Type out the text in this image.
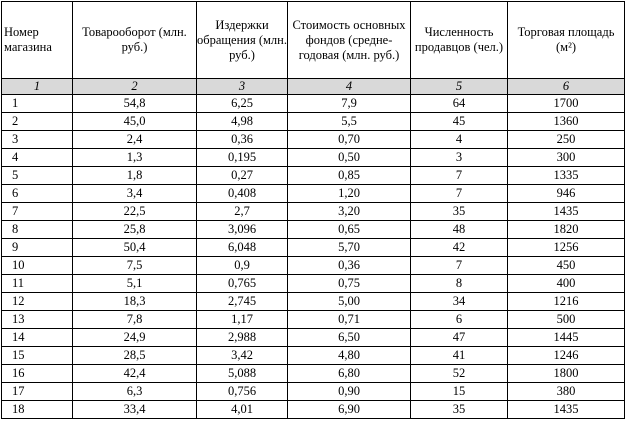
Номер магазина	Товарооборот (млн. руб.)	Издержки обращения (млн. руб.)	Стоимость основных фондов (средне-годовая (млн. руб.)	Численность продавцов (чел.)	Торговая площадь (м²)
1	2	3	4	5	6
1	54,8	6,25	7,9	64	1700
2	45,0	4,98	5,5	45	1360
3	2,4	0,36	0,70	4	250
4	1,3	0,195	0,50	3	300
5	1,8	0,27	0,85	7	1335
6	3,4	0,408	1,20	7	946
7	22,5	2,7	3,20	35	1435
8	25,8	3,096	0,65	48	1820
9	50,4	6,048	5,70	42	1256
10	7,5	0,9	0,36	7	450
11	5,1	0,765	0,75	8	400
12	18,3	2,745	5,00	34	1216
13	7,8	1,17	0,71	6	500
14	24,9	2,988	6,50	47	1445
15	28,5	3,42	4,80	41	1246
16	42,4	5,088	6,80	52	1800
17	6,3	0,756	0,90	15	380
18	33,4	4,01	6,90	35	1435
